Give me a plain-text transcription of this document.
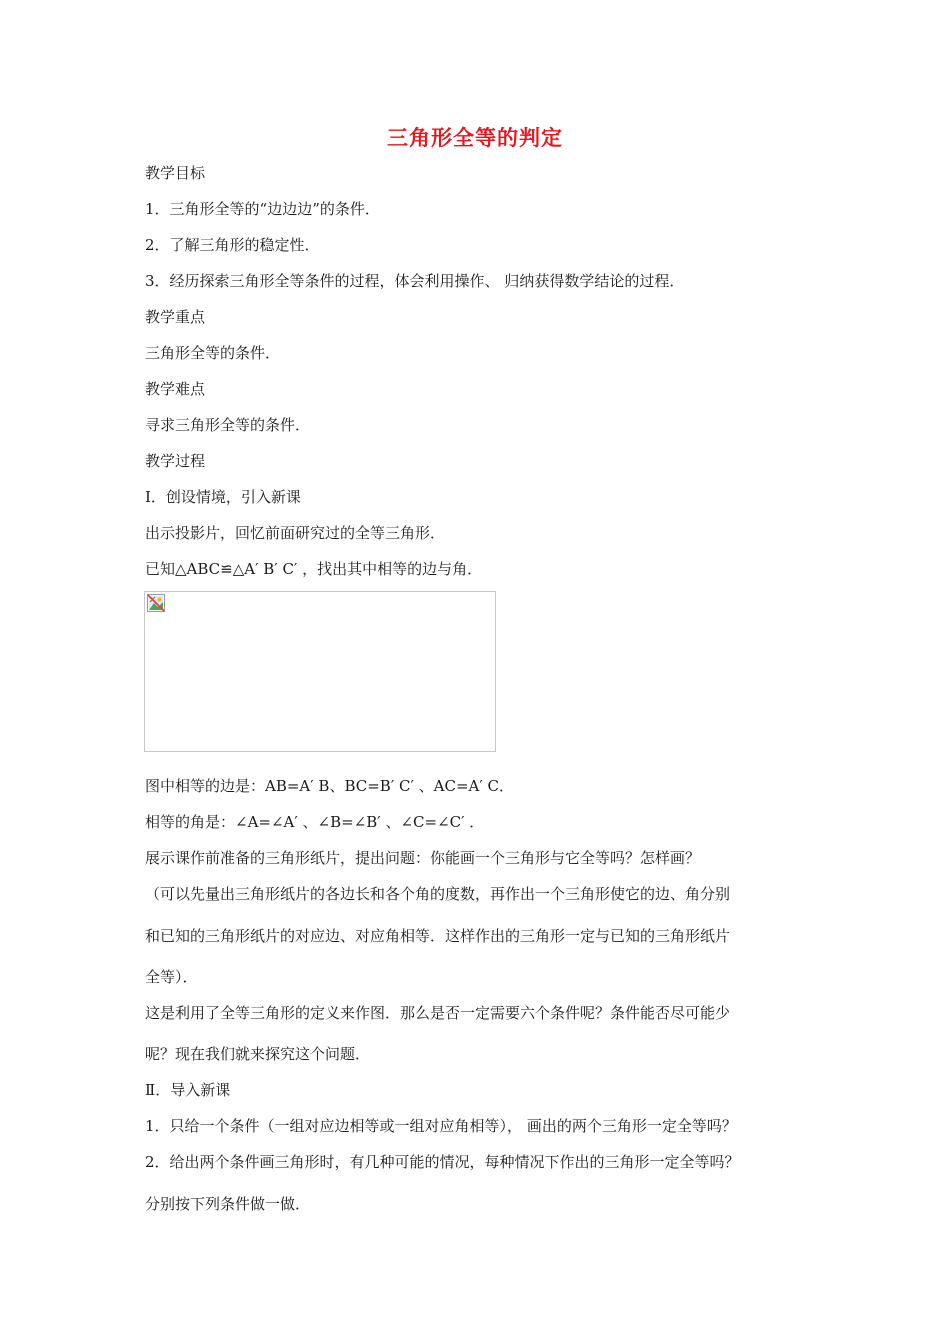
三角形全等的判定
教学目标
1．三角形全等的“边边边”的条件．
2．了解三角形的稳定性．
3．经历探索三角形全等条件的过程，体会利用操作、 归纳获得数学结论的过程．
教学重点
三角形全等的条件．
教学难点
寻求三角形全等的条件．
教学过程
Ⅰ．创设情境，引入新课
出示投影片，回忆前面研究过的全等三角形．
已知△ABC≌△A′ B′ C′ ，找出其中相等的边与角．
图中相等的边是：AB=A′ B、BC=B′ C′ 、AC=A′ C．
相等的角是：∠A=∠A′ 、∠B=∠B′ 、∠C=∠C′ ．
展示课作前准备的三角形纸片，提出问题：你能画一个三角形与它全等吗？怎样画？
（可以先量出三角形纸片的各边长和各个角的度数，再作出一个三角形使它的边、角分别
和已知的三角形纸片的对应边、对应角相等．这样作出的三角形一定与已知的三角形纸片
全等）．
这是利用了全等三角形的定义来作图．那么是否一定需要六个条件呢？条件能否尽可能少
呢？现在我们就来探究这个问题．
Ⅱ．导入新课
1．只给一个条件（一组对应边相等或一组对应角相等）， 画出的两个三角形一定全等吗？
2．给出两个条件画三角形时，有几种可能的情况，每种情况下作出的三角形一定全等吗？
分别按下列条件做一做．
